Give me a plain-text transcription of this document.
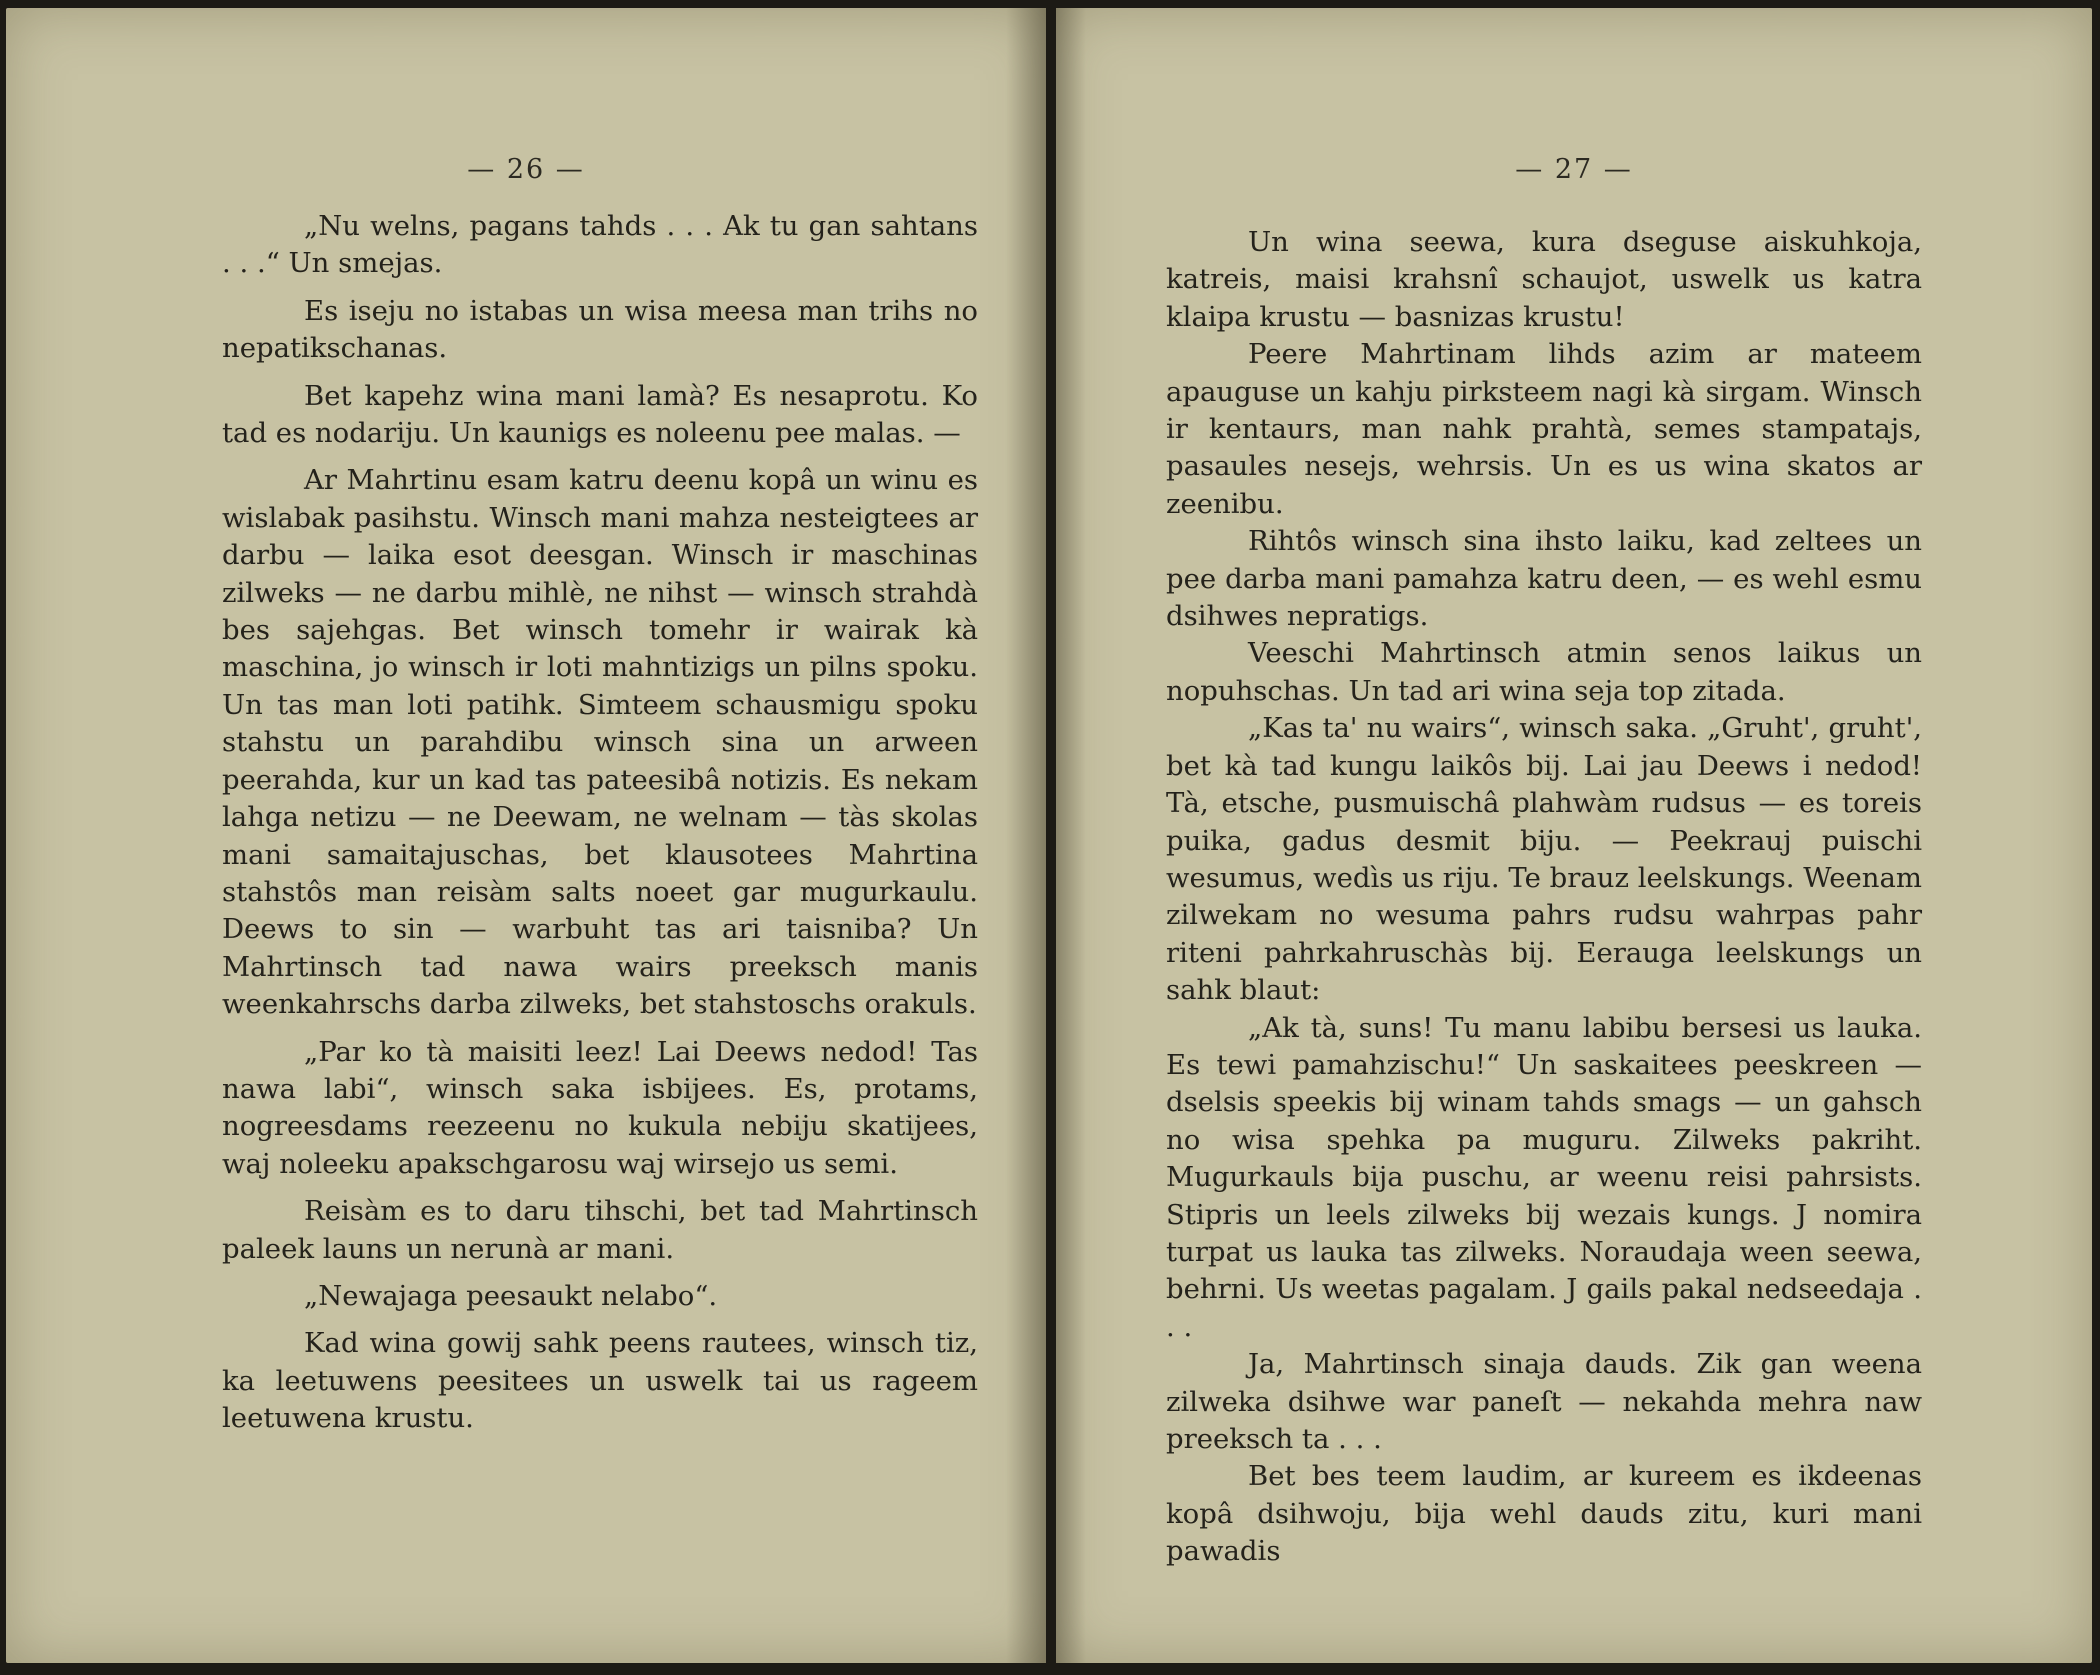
— 26 —

„Nu welns, pagans tahds . . . Ak tu gan sahtans . . .“ Un smejas.

Es iseju no istabas un wisa meesa man trihs no nepatikschanas.

Bet kapehz wina mani lamà? Es nesaprotu. Ko tad es nodariju. Un kaunigs es noleenu pee malas. —

Ar Mahrtinu esam katru deenu kopâ un winu es wislabak pasihstu. Winsch mani mahza nesteigtees ar darbu — laika esot deesgan. Winsch ir maschinas zilweks — ne darbu mihlè, ne nihst — winsch strahdà bes sajehgas. Bet winsch tomehr ir wairak kà maschina, jo winsch ir loti mahntizigs un pilns spoku. Un tas man loti patihk. Simteem schausmigu spoku stahstu un parahdibu winsch sina un arween peerahda, kur un kad tas pateesibâ notizis. Es nekam lahga netizu — ne Deewam, ne welnam — tàs skolas mani samaitajuschas, bet klausotees Mahrtina stahstôs man reisàm salts noeet gar mugurkaulu. Deews to sin — warbuht tas ari taisniba? Un Mahrtinsch tad nawa wairs preeksch manis weenkahrschs darba zilweks, bet stahstoschs orakuls.

„Par ko tà maisiti leez! Lai Deews nedod! Tas nawa labi“, winsch saka isbijees. Es, protams, nogreesdams reezeenu no kukula nebiju skatijees, waj noleeku apakschgarosu waj wirsejo us semi.

Reisàm es to daru tihschi, bet tad Mahrtinsch paleek launs un nerunà ar mani.

„Newajaga peesaukt nelabo“.

Kad wina gowij sahk peens rautees, winsch tiz, ka leetuwens peesitees un uswelk tai us rageem leetuwena krustu.

— 27 —

Un wina seewa, kura dseguse aiskuhkoja, katreis, maisi krahsnî schaujot, uswelk us katra klaipa krustu — basnizas krustu!

Peere Mahrtinam lihds azim ar mateem apauguse un kahju pirksteem nagi kà sirgam. Winsch ir kentaurs, man nahk prahtà, semes stampatajs, pasaules nesejs, wehrsis. Un es us wina skatos ar zeenibu.

Rihtôs winsch sina ihsto laiku, kad zeltees un pee darba mani pamahza katru deen, — es wehl esmu dsihwes nepratigs.

Veeschi Mahrtinsch atmin senos laikus un nopuhschas. Un tad ari wina seja top zitada.

„Kas ta' nu wairs“, winsch saka. „Gruht', gruht', bet kà tad kungu laikôs bij. Lai jau Deews i nedod! Tà, etsche, pusmuischâ plahwàm rudsus — es toreis puika, gadus desmit biju. — Peekrauj puischi wesumus, wedìs us riju. Te brauz leelskungs. Weenam zilwekam no wesuma pahrs rudsu wahrpas pahr riteni pahrkahruschàs bij. Eerauga leelskungs un sahk blaut:

„Ak tà, suns! Tu manu labibu bersesi us lauka. Es tewi pamahzischu!“ Un saskaitees peeskreen — dselsis speekis bij winam tahds smags — un gahsch no wisa spehka pa muguru. Zilweks pakriht. Mugurkauls bija puschu, ar weenu reisi pahrsists. Stipris un leels zilweks bij wezais kungs. J nomira turpat us lauka tas zilweks. Noraudaja ween seewa, behrni. Us weetas pagalam. J gails pakal nedseedaja . . .

Ja, Mahrtinsch sinaja dauds. Zik gan weena zilweka dsihwe war paneſt — nekahda mehra naw preeksch ta . . .

Bet bes teem laudim, ar kureem es ikdeenas kopâ dsihwoju, bija wehl dauds zitu, kuri mani pawadis
